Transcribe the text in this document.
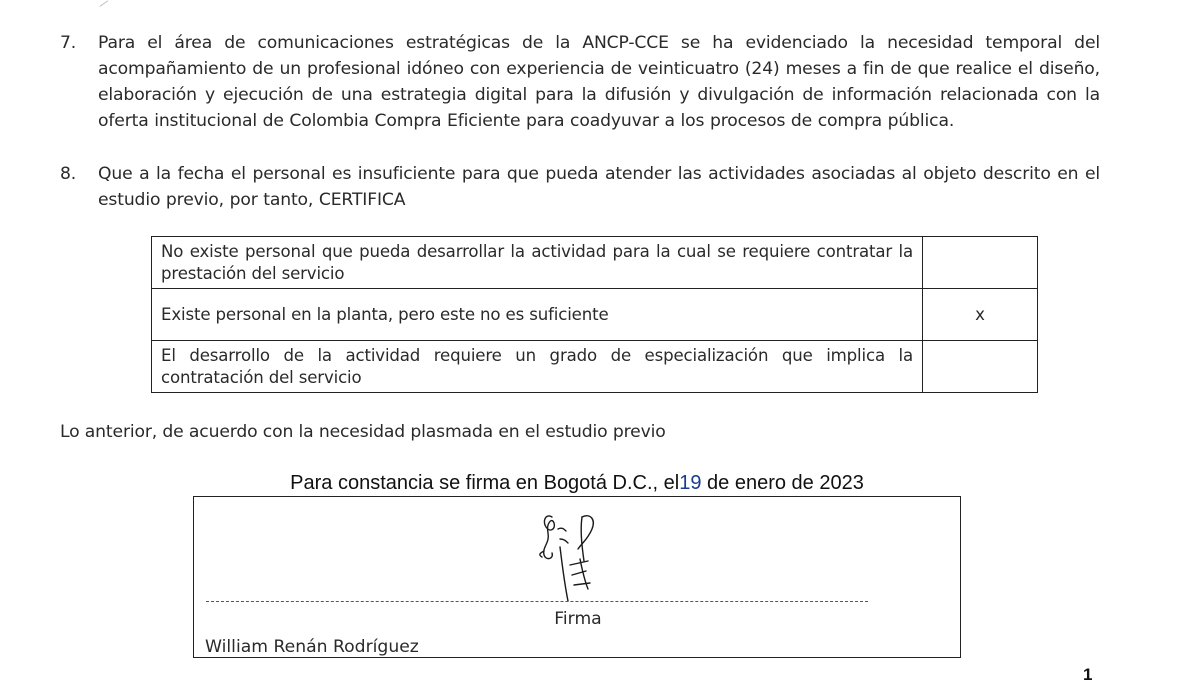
7. Para el área de comunicaciones estratégicas de la ANCP-CCE se ha evidenciado la necesidad temporal del acompañamiento de un profesional idóneo con experiencia de veinticuatro (24) meses a fin de que realice el diseño, elaboración y ejecución de una estrategia digital para la difusión y divulgación de información relacionada con la oferta institucional de Colombia Compra Eficiente para coadyuvar a los procesos de compra pública.
8. Que a la fecha el personal es insuficiente para que pueda atender las actividades asociadas al objeto descrito en el estudio previo, por tanto, CERTIFICA
No existe personal que pueda desarrollar la actividad para la cual se requiere contratar la prestación del servicio	
Existe personal en la planta, pero este no es suficiente	x
El desarrollo de la actividad requiere un grado de especialización que implica la contratación del servicio	
Lo anterior, de acuerdo con la necesidad plasmada en el estudio previo
Para constancia se firma en Bogotá D.C., el19 de enero de 2023
Firma
William Renán Rodríguez
1
